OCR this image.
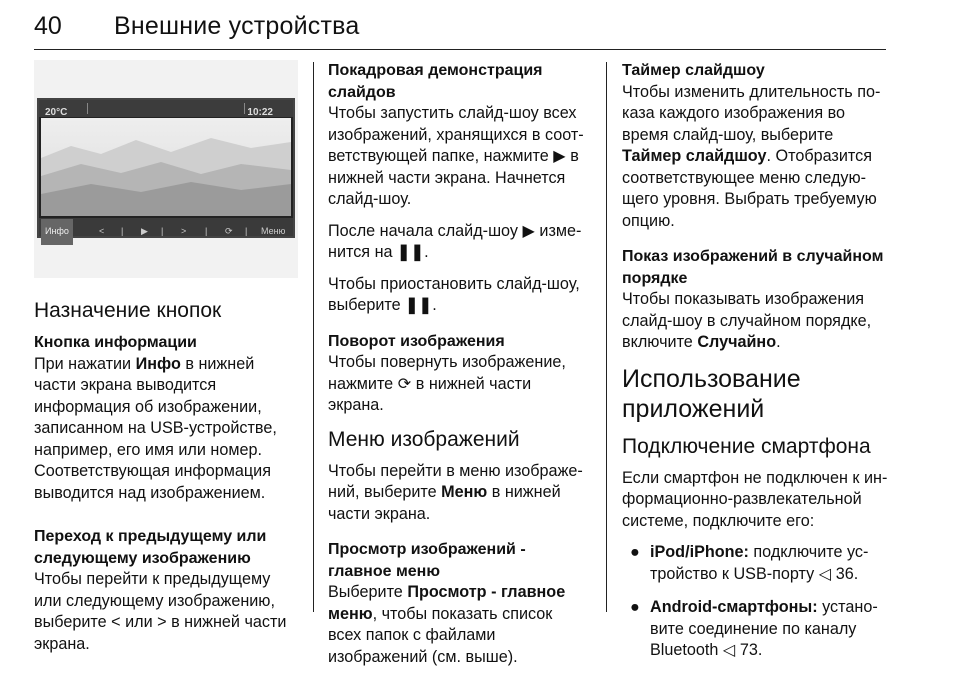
40 Внешние устройства
20°C	10:22
Инфо	< | ▶ | > | ⟳ | Меню
Назначение кнопок
Кнопка информации
При нажатии Инфо в нижней части экрана выводится информация об изображении, записанном на USB-устройстве, например, его имя или номер. Соответствующая информация выводится над изображением.
Переход к предыдущему или следующему изображению
Чтобы перейти к предыдущему или следующему изображению, выберите < или > в нижней части экрана.
Покадровая демонстрация слайдов
Чтобы запустить слайд-шоу всех изображений, хранящихся в соответствующей папке, нажмите ▶ в нижней части экрана. Начнется слайд-шоу.
После начала слайд-шоу ▶ изменится на ❚❚.
Чтобы приостановить слайд-шоу, выберите ❚❚.
Поворот изображения
Чтобы повернуть изображение, нажмите ⟳ в нижней части экрана.
Меню изображений
Чтобы перейти в меню изображений, выберите Меню в нижней части экрана.
Просмотр изображений - главное меню
Выберите Просмотр - главное меню, чтобы показать список всех папок с файлами изображений (см. выше).
Таймер слайдшоу
Чтобы изменить длительность показа каждого изображения во время слайд-шоу, выберите Таймер слайдшоу. Отобразится соответствующее меню следующего уровня. Выбрать требуемую опцию.
Показ изображений в случайном порядке
Чтобы показывать изображения слайд-шоу в случайном порядке, включите Случайно.
Использование приложений
Подключение смартфона
Если смартфон не подключен к информационно-развлекательной системе, подключите его:
● iPod/iPhone: подключите устройство к USB-порту ◁ 36.
● Android-смартфоны: установите соединение по каналу Bluetooth ◁ 73.
